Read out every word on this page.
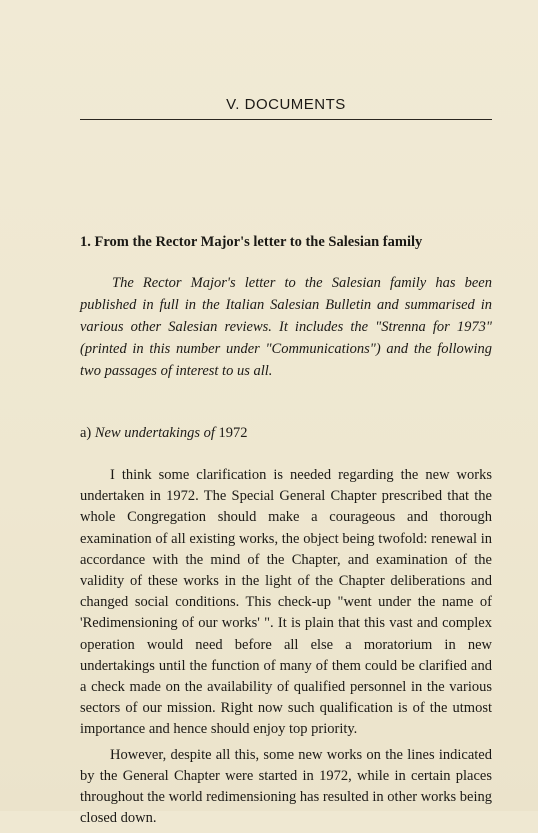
V. DOCUMENTS
1. From the Rector Major's letter to the Salesian family

The Rector Major's letter to the Salesian family has been published in full in the Italian Salesian Bulletin and summarised in various other Salesian reviews. It includes the "Strenna for 1973" (printed in this number under "Communications") and the following two passages of interest to us all.

a) New undertakings of 1972

I think some clarification is needed regarding the new works undertaken in 1972. The Special General Chapter prescribed that the whole Congregation should make a courageous and thorough examination of all existing works, the object being twofold: renewal in accordance with the mind of the Chapter, and examination of the validity of these works in the light of the Chapter deliberations and changed social conditions. This check-up "went under the name of 'Redimensioning of our works' ". It is plain that this vast and complex operation would need before all else a moratorium in new undertakings until the function of many of them could be clarified and a check made on the availability of qualified personnel in the various sectors of our mission. Right now such qualification is of the utmost importance and hence should enjoy top priority.

However, despite all this, some new works on the lines indicated by the General Chapter were started in 1972, while in certain places throughout the world redimensioning has resulted in other works being closed down.
